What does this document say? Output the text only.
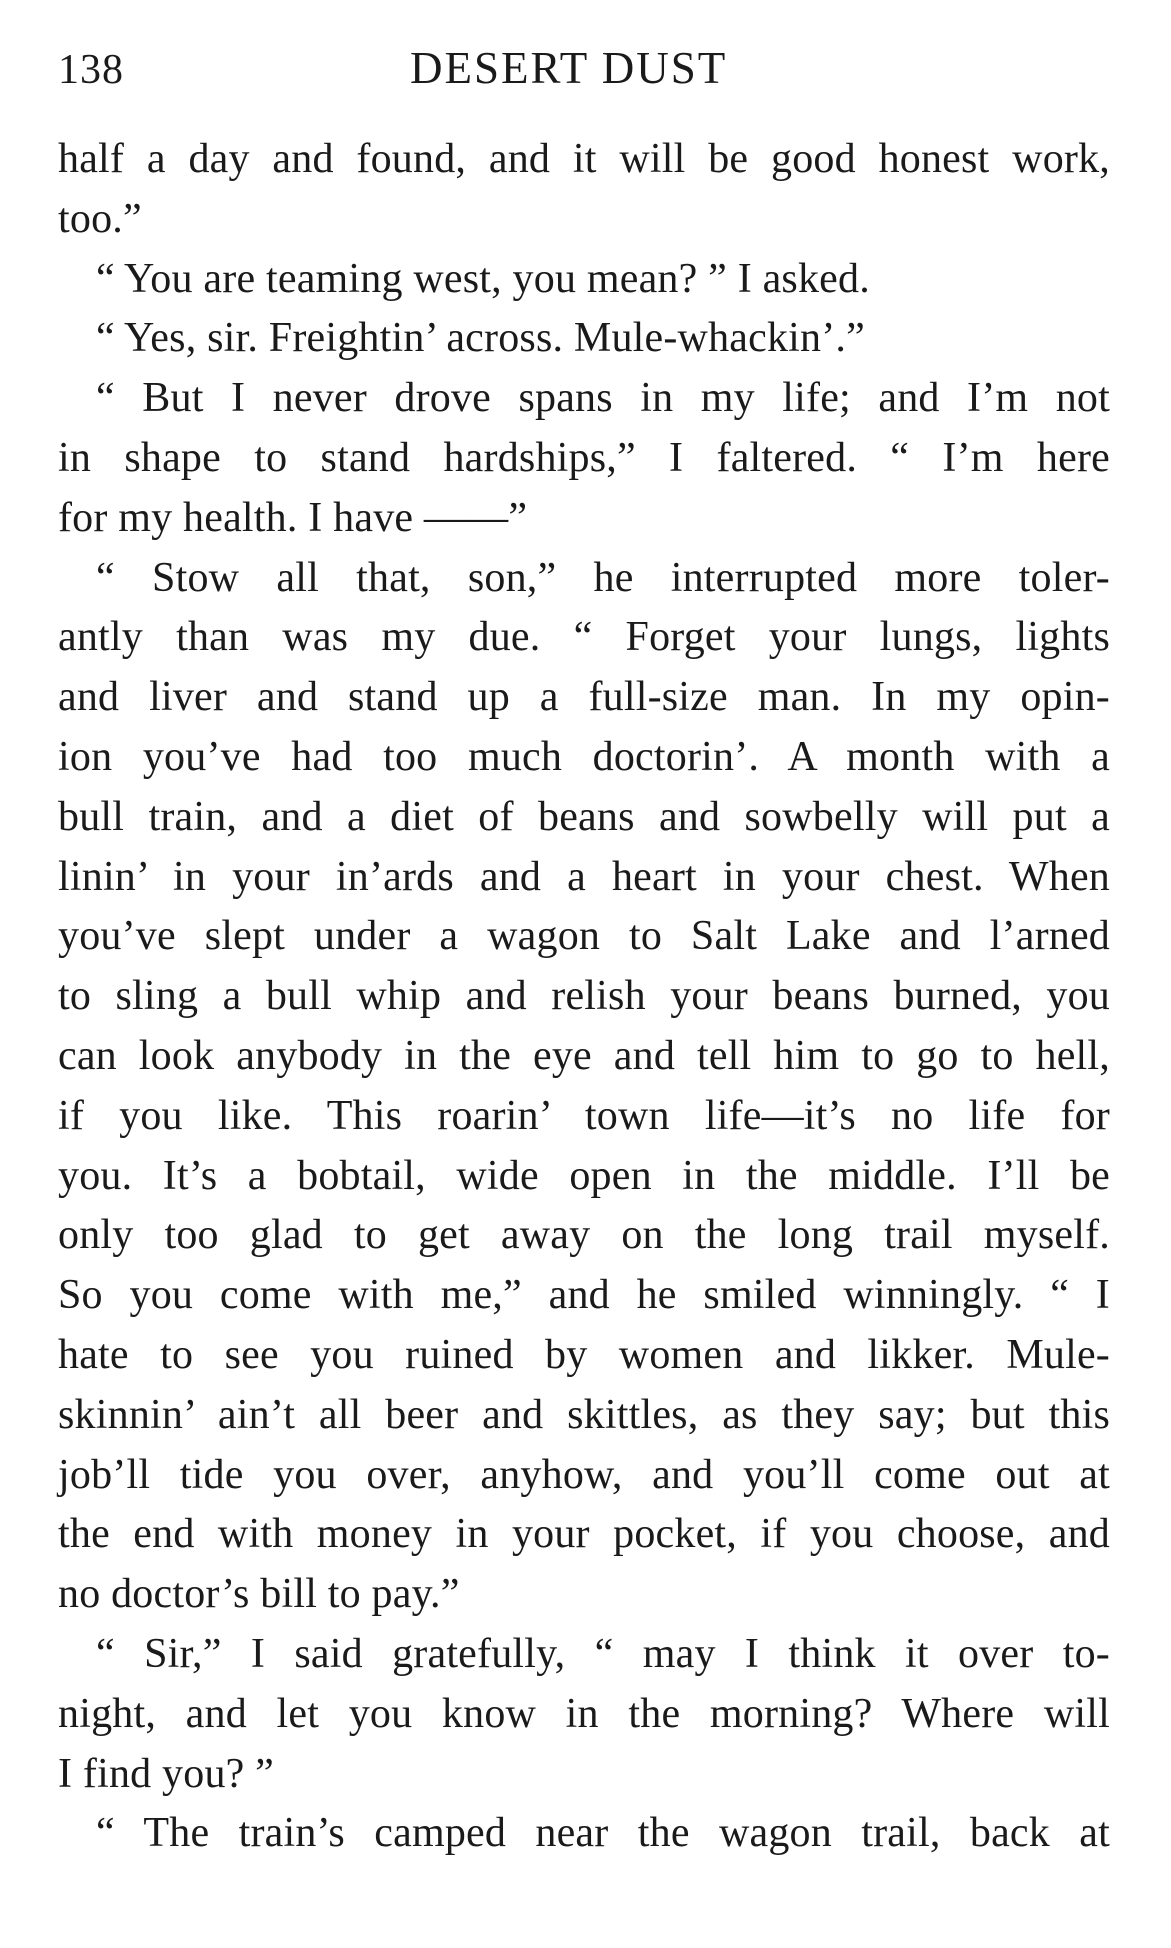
138	DESERT DUST
half a day and found, and it will be good honest work,
too.”
“ You are teaming west, you mean? ” I asked.
“ Yes, sir. Freightin’ across. Mule-whackin’.”
“ But I never drove spans in my life; and I’m not
in shape to stand hardships,” I faltered. “ I’m here
for my health. I have ——”
“ Stow all that, son,” he interrupted more toler-
antly than was my due. “ Forget your lungs, lights
and liver and stand up a full-size man. In my opin-
ion you’ve had too much doctorin’. A month with a
bull train, and a diet of beans and sowbelly will put a
linin’ in your in’ards and a heart in your chest. When
you’ve slept under a wagon to Salt Lake and l’arned
to sling a bull whip and relish your beans burned, you
can look anybody in the eye and tell him to go to hell,
if you like. This roarin’ town life—it’s no life for
you. It’s a bobtail, wide open in the middle. I’ll be
only too glad to get away on the long trail myself.
So you come with me,” and he smiled winningly. “ I
hate to see you ruined by women and likker. Mule-
skinnin’ ain’t all beer and skittles, as they say; but this
job’ll tide you over, anyhow, and you’ll come out at
the end with money in your pocket, if you choose, and
no doctor’s bill to pay.”
“ Sir,” I said gratefully, “ may I think it over to-
night, and let you know in the morning? Where will
I find you? ”
“ The train’s camped near the wagon trail, back at
